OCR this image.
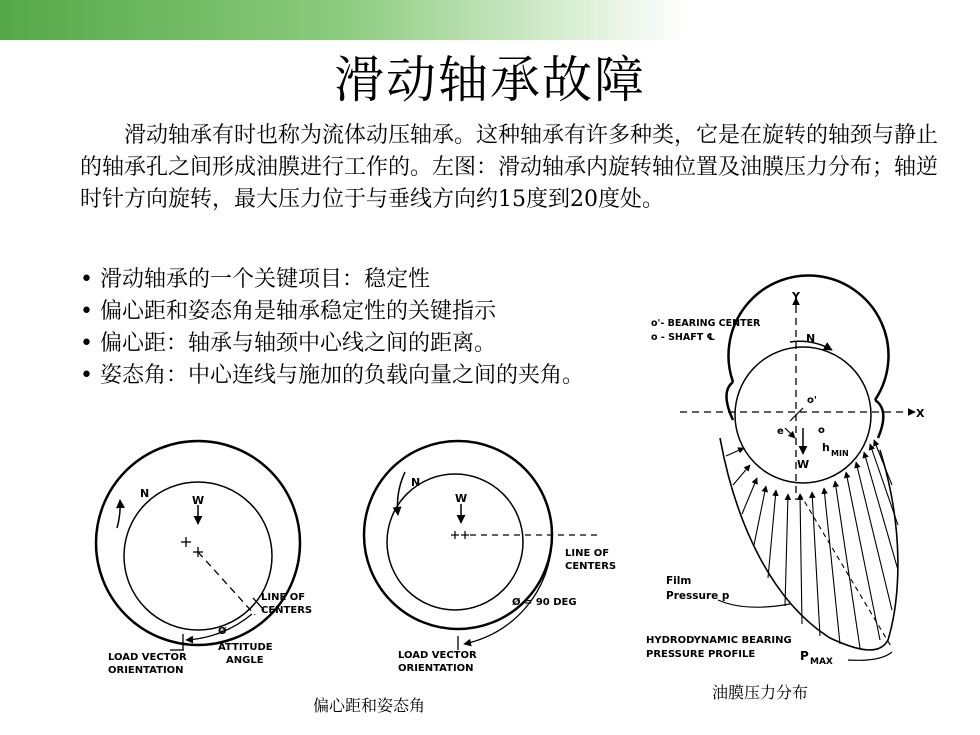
滑动轴承故障
滑动轴承有时也称为流体动压轴承。这种轴承有许多种类，它是在旋转的轴颈与静止的轴承孔之间形成油膜进行工作的。左图：滑动轴承内旋转轴位置及油膜压力分布；轴逆时针方向旋转，最大压力位于与垂线方向约15度到20度处。
• 滑动轴承的一个关键项目：稳定性
• 偏心距和姿态角是轴承稳定性的关键指示
• 偏心距：轴承与轴颈中心线之间的距离。
• 姿态角：中心连线与施加的负载向量之间的夹角。
N
W
LINE OF
CENTERS
Ø
ATTITUDE
ANGLE
LOAD VECTOR
ORIENTATION
N
W
LINE OF
CENTERS
Ø = 90 DEG
LOAD VECTOR
ORIENTATION
o'- BEARING CENTER
o - SHAFT ℄
Y
X
N
o'
o
e
h MIN
W
Film
Pressure p
HYDRODYNAMIC BEARING
PRESSURE PROFILE	P MAX
偏心距和姿态角
油膜压力分布
